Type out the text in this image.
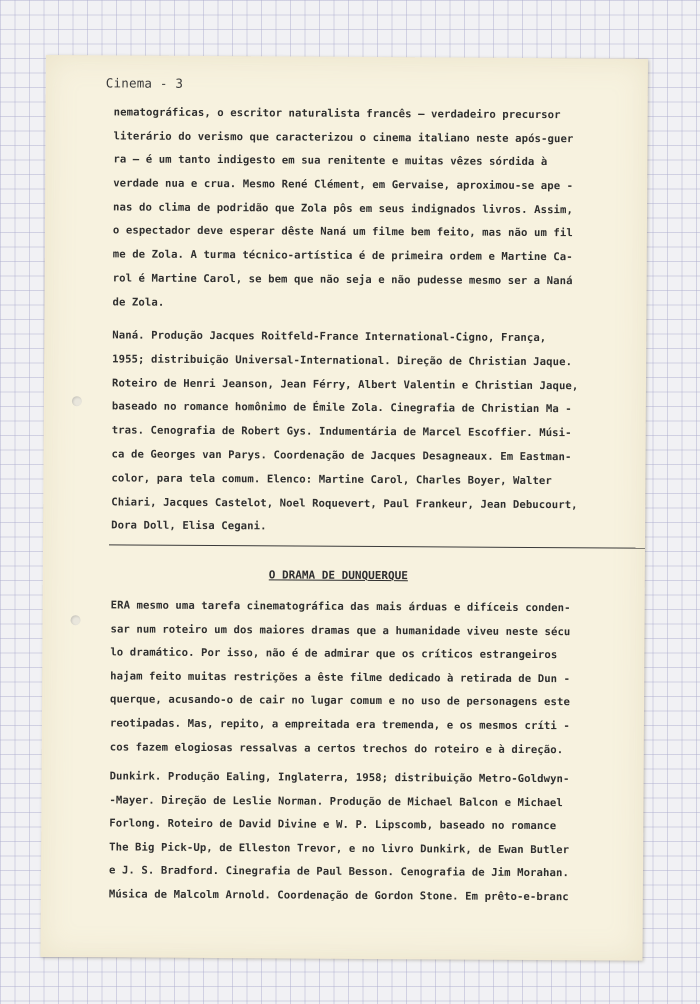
Cinema - 3
nematográficas, o escritor naturalista francês — verdadeiro precursor
literário do verismo que caracterizou o cinema italiano neste após-guer
ra — é um tanto indigesto em sua renitente e muitas vêzes sórdida à
verdade nua e crua. Mesmo René Clément, em Gervaise, aproximou-se ape -
nas do clima de podridão que Zola pôs em seus indignados livros. Assim,
o espectador deve esperar dêste Naná um filme bem feito, mas não um fil
me de Zola. A turma técnico-artística é de primeira ordem e Martine Ca-
rol é Martine Carol, se bem que não seja e não pudesse mesmo ser a Naná
de Zola.
Naná. Produção Jacques Roitfeld-France International-Cigno, França,
1955; distribuição Universal-International. Direção de Christian Jaque.
Roteiro de Henri Jeanson, Jean Férry, Albert Valentin e Christian Jaque,
baseado no romance homônimo de Émile Zola. Cinegrafia de Christian Ma -
tras. Cenografia de Robert Gys. Indumentária de Marcel Escoffier. Músi-
ca de Georges van Parys. Coordenação de Jacques Desagneaux. Em Eastman-
color, para tela comum. Elenco: Martine Carol, Charles Boyer, Walter
Chiari, Jacques Castelot, Noel Roquevert, Paul Frankeur, Jean Debucourt,
Dora Doll, Elisa Cegani.
O DRAMA DE DUNQUERQUE
ERA mesmo uma tarefa cinematográfica das mais árduas e difíceis conden-
sar num roteiro um dos maiores dramas que a humanidade viveu neste sécu
lo dramático. Por isso, não é de admirar que os críticos estrangeiros
hajam feito muitas restrições a êste filme dedicado à retirada de Dun -
querque, acusando-o de cair no lugar comum e no uso de personagens este
reotipadas. Mas, repito, a empreitada era tremenda, e os mesmos críti -
cos fazem elogiosas ressalvas a certos trechos do roteiro e à direção.
Dunkirk. Produção Ealing, Inglaterra, 1958; distribuição Metro-Goldwyn-
-Mayer. Direção de Leslie Norman. Produção de Michael Balcon e Michael
Forlong. Roteiro de David Divine e W. P. Lipscomb, baseado no romance
The Big Pick-Up, de Elleston Trevor, e no livro Dunkirk, de Ewan Butler
e J. S. Bradford. Cinegrafia de Paul Besson. Cenografia de Jim Morahan.
Música de Malcolm Arnold. Coordenação de Gordon Stone. Em prêto-e-branc
